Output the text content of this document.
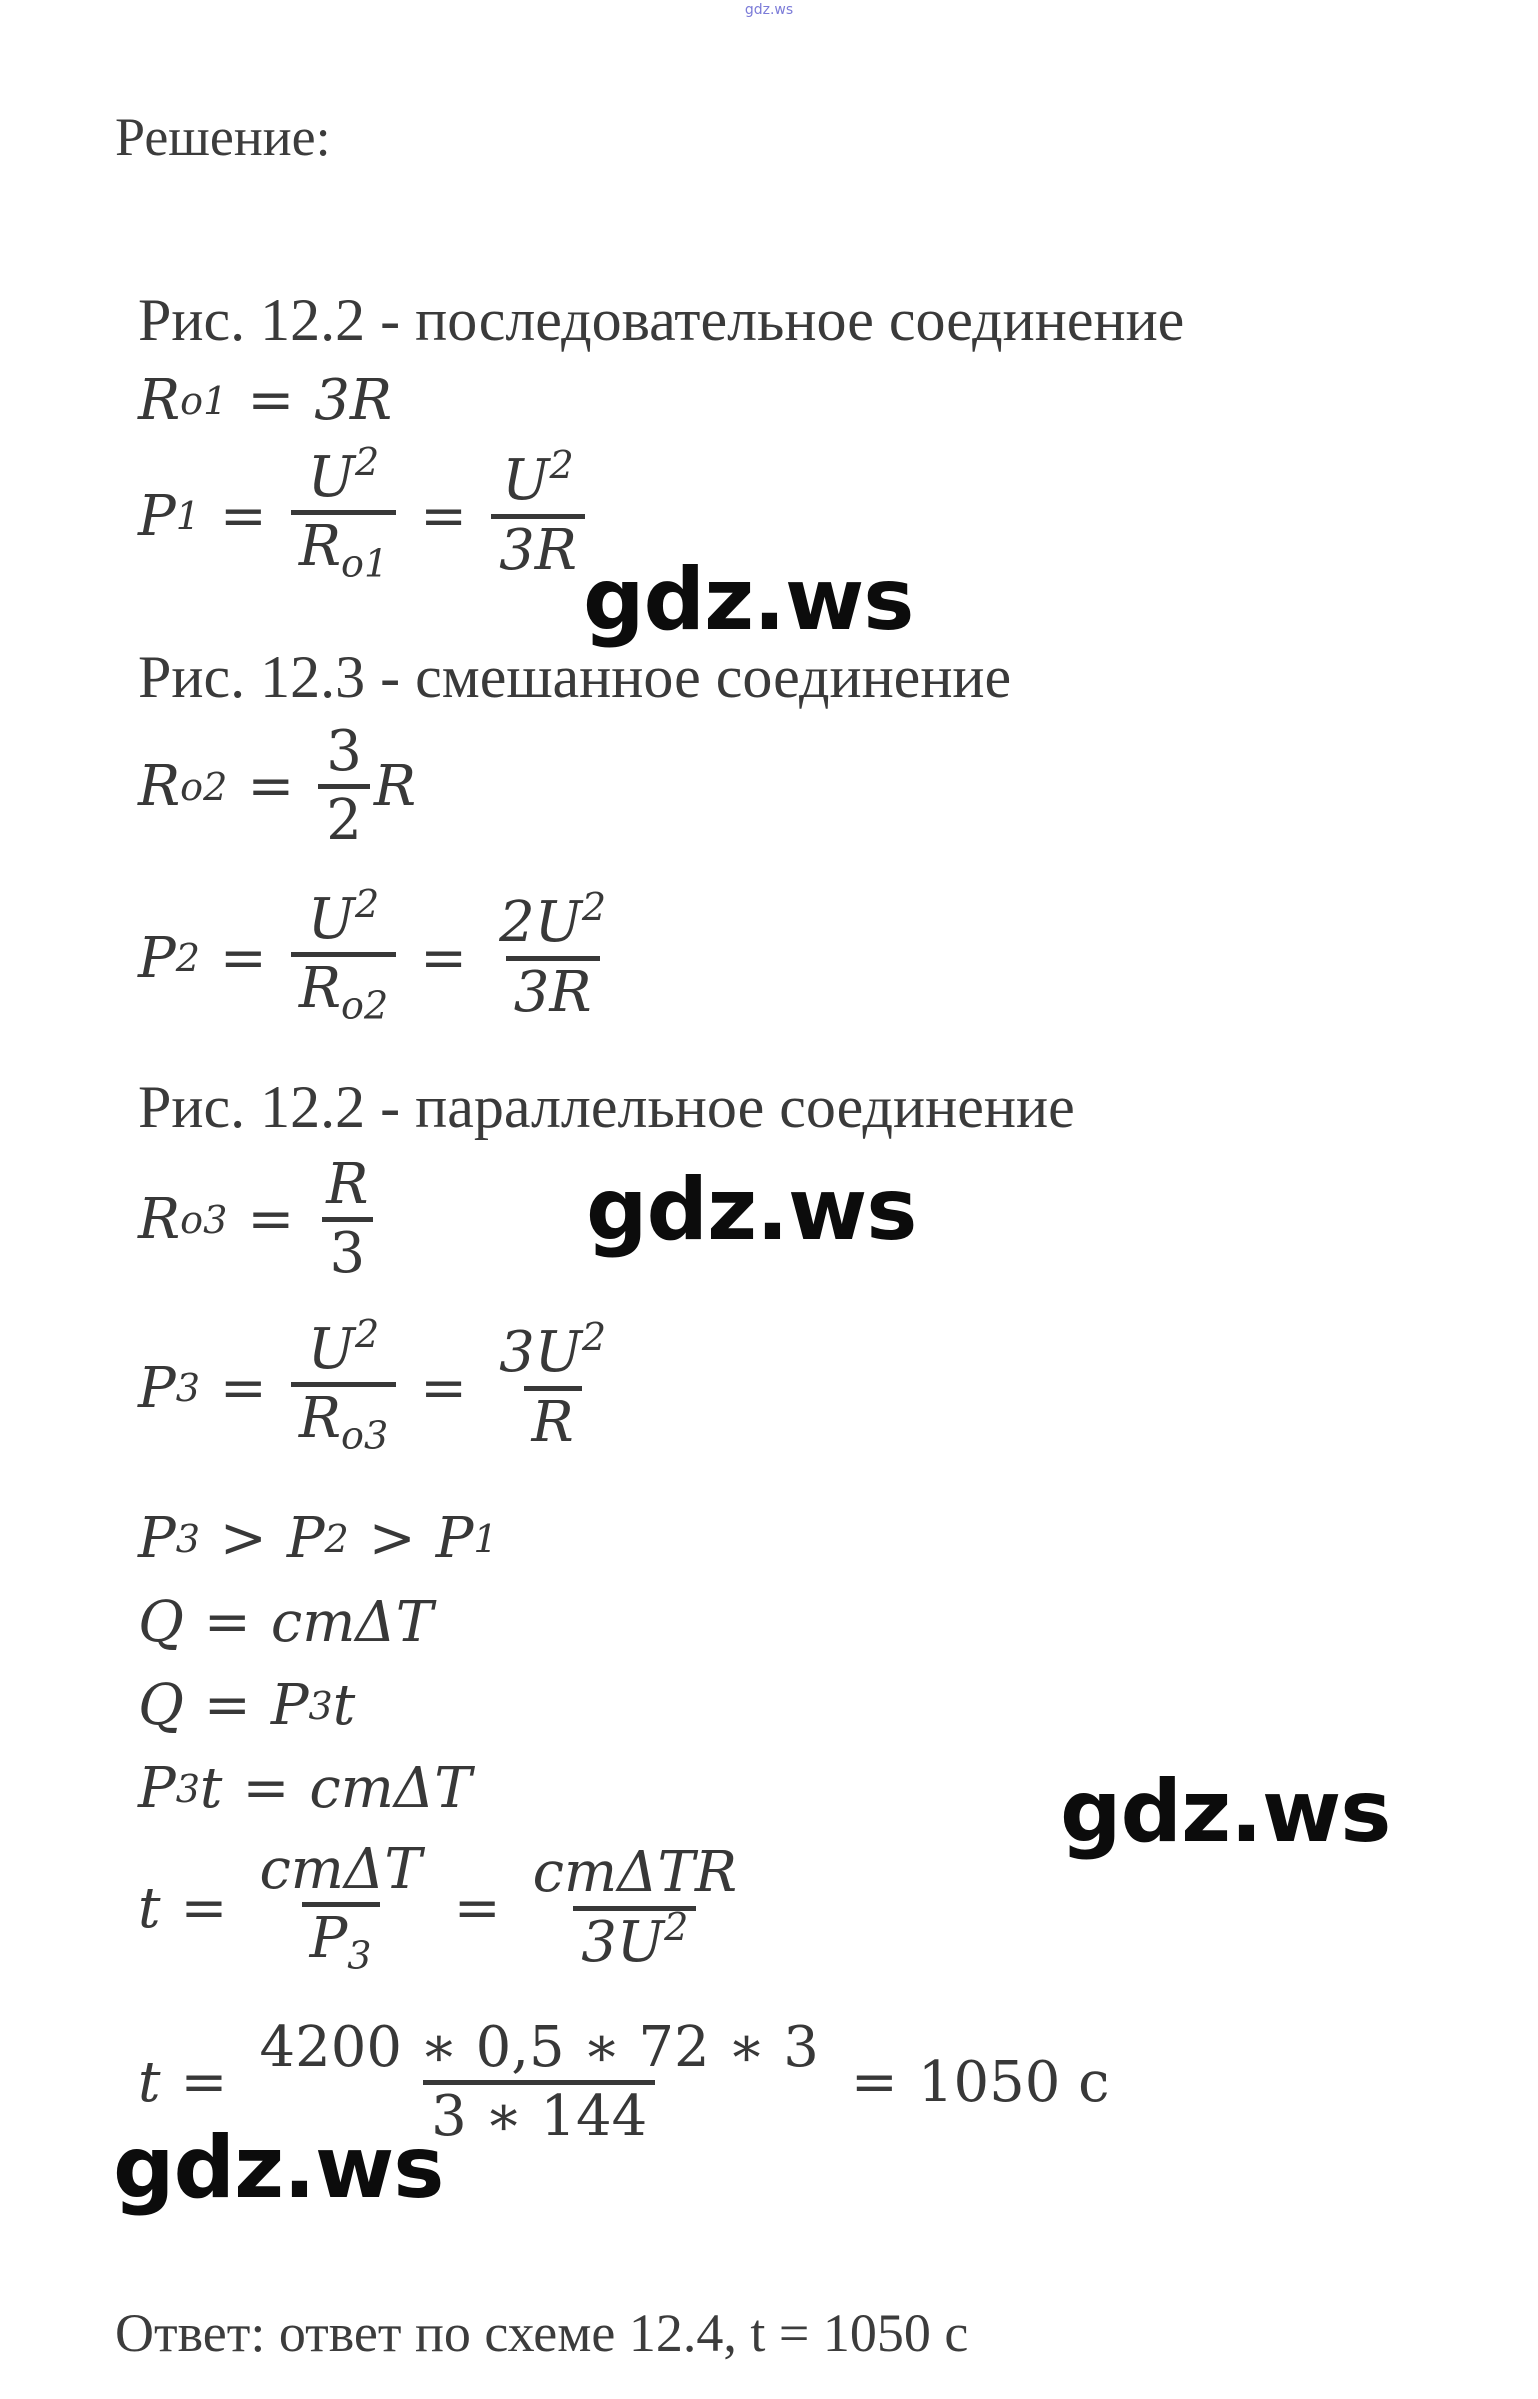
gdz.ws
Решение:
Рис. 12.2 - последовательное соединение
R o1 = 3R
P $1 = \frac{U^2}{R_{o1}} = \frac{U^2}{3R}$
Рис. 12.3 - смешанное соединение
R $o2 = \frac{3}{2}$ R
P $2 = \frac{U^2}{R_{o2}} = \frac{2U^2}{3R}$
Рис. 12.2 - параллельное соединение
R $o3 = \frac{R}{3}$
P $3 = \frac{U^2}{R_{o3}} = \frac{3U^2}{R}$
P 3 > P 2 > P 1
Q = cmΔT
Q = P 3 t
P 3 t = cmΔT
$t = \frac{\text{cmΔT}}{P_3} = \frac{\text{cmΔTR}}{3U^2}$
$t = \frac{4200 ∗ 0,5 ∗ 72 ∗ 3}{3 ∗ 144} = 1050$ с
gdz.ws
gdz.ws
gdz.ws
gdz.ws
Ответ: ответ по схеме 12.4, t = 1050 с
